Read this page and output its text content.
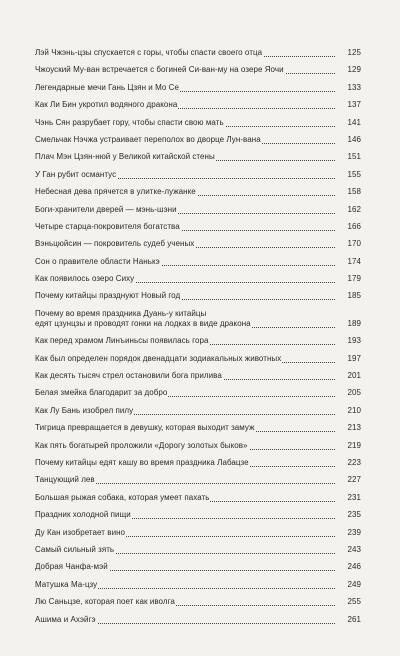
Лэй Чжэнь-цзы спускается с горы, чтобы спасти своего отца	125
Чжоуский Му-ван встречается с богиней Си-ван-му на озере Яочи	129
Легендарные мечи Гань Цзян и Мо Се	133
Как Ли Бин укротил водяного дракона	137
Чэнь Сян разрубает гору, чтобы спасти свою мать	141
Смельчак Нэчжа устраивает переполох во дворце Лун-вана	146
Плач Мэн Цзян-нюй у Великой китайской стены	151
У Ган рубит османтус	155
Небесная дева прячется в улитке-лужанке	158
Боги-хранители дверей — мэнь-шэни	162
Четыре старца-покровителя богатства	166
Вэньцюйсин — покровитель судеб ученых	170
Сон о правителе области Нанькэ	174
Как появилось озеро Сиху	179
Почему китайцы празднуют Новый год	185
Почему во время праздника Дуань-у китайцы
едят цзунцзы и проводят гонки на лодках в виде дракона	189
Как перед храмом Линъиньсы появилась гора	193
Как был определен порядок двенадцати зодиакальных животных	197
Как десять тысяч стрел остановили бога прилива	201
Белая змейка благодарит за добро	205
Как Лу Бань изобрел пилу	210
Тигрица превращается в девушку, которая выходит замуж	213
Как пять богатырей проложили «Дорогу золотых быков»	219
Почему китайцы едят кашу во время праздника Лабацзе	223
Танцующий лев	227
Большая рыжая собака, которая умеет пахать	231
Праздник холодной пищи	235
Ду Кан изобретает вино	239
Самый сильный зять	243
Добрая Чанфа-мэй	246
Матушка Ма-цзу	249
Лю Саньцзе, которая поет как иволга	255
Ашима и Ахэйгэ	261
